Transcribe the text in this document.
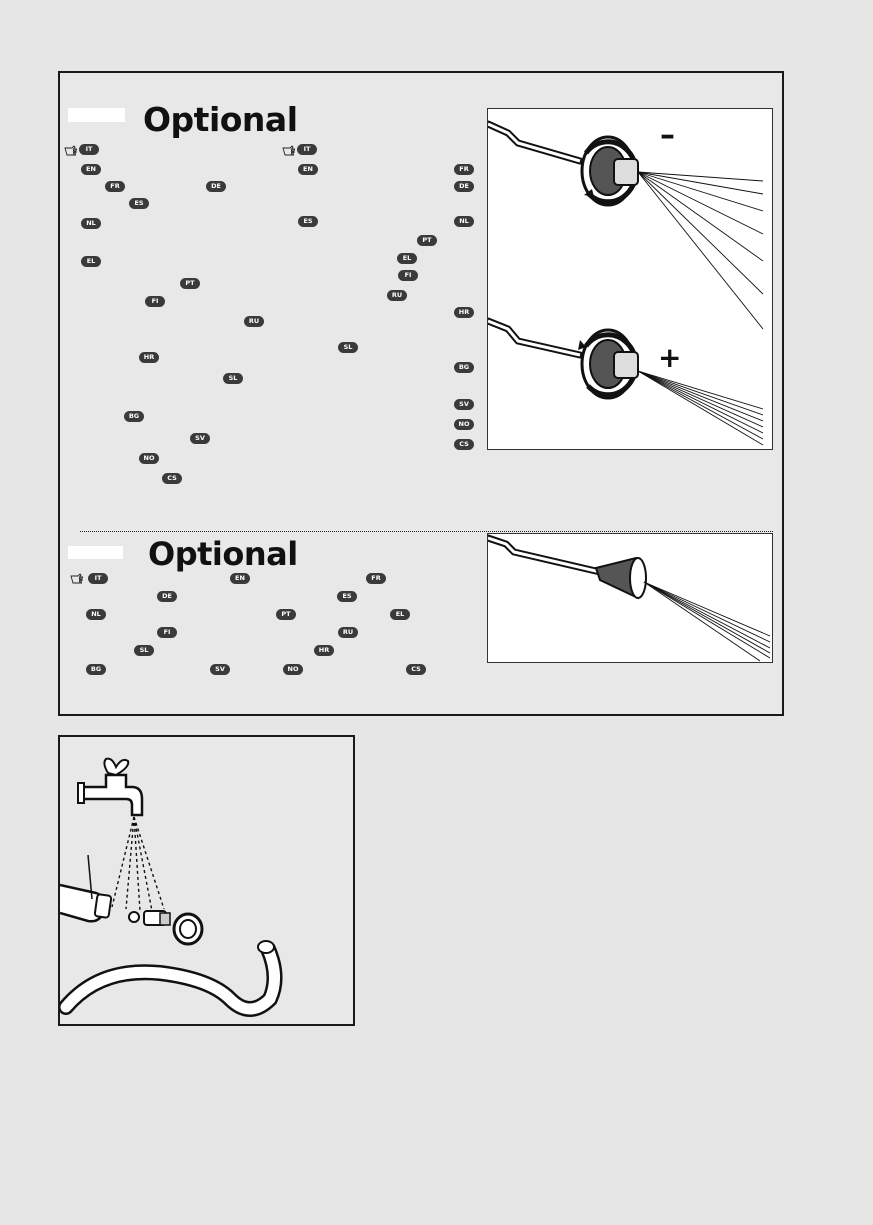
Optional
IT
EN
FR	DE
ES
NL
EL
PT
FI
RU
HR
SL
BG
SV
NO
CS
IT
EN
ES
FR
DE
NL
PT
EL
FI
RU
HR
SL
BG
SV
NO
CS
–
+
Optional
IT	EN	FR
DE	ES
NL	PT	EL
FI	RU
SL	HR
BG	SV	NO	CS
